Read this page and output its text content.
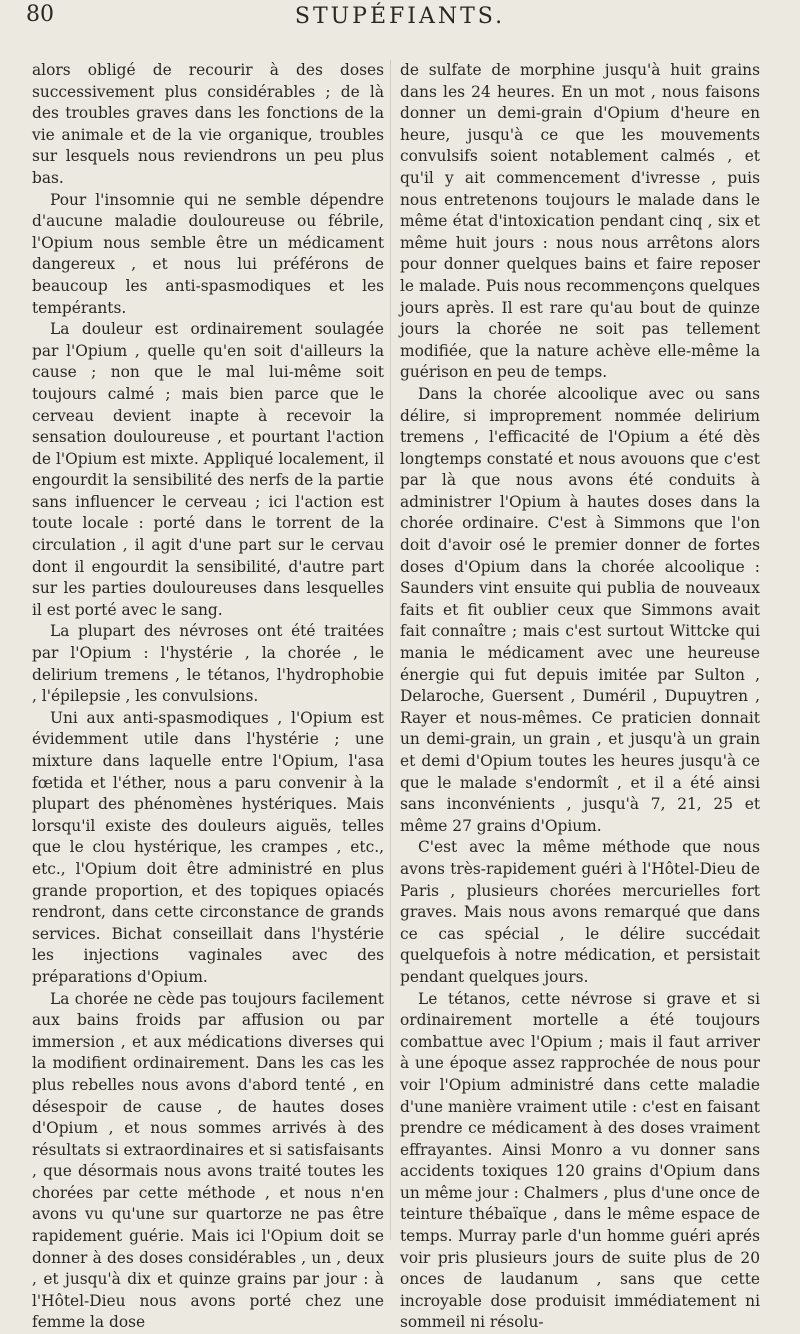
80	STUPÉFIANTS.

alors obligé de recourir à des doses successivement plus considérables ; de là des troubles graves dans les fonctions de la vie animale et de la vie organique, troubles sur lesquels nous reviendrons un peu plus bas.

Pour l'insomnie qui ne semble dépendre d'aucune maladie douloureuse ou fébrile, l'Opium nous semble être un médicament dangereux , et nous lui préférons de beaucoup les anti-spasmodiques et les tempérants.

La douleur est ordinairement soulagée par l'Opium , quelle qu'en soit d'ailleurs la cause ; non que le mal lui-même soit toujours calmé ; mais bien parce que le cerveau devient inapte à recevoir la sensation douloureuse , et pourtant l'action de l'Opium est mixte. Appliqué localement, il engourdit la sensibilité des nerfs de la partie sans influencer le cerveau ; ici l'action est toute locale : porté dans le torrent de la circulation , il agit d'une part sur le cervau dont il engourdit la sensibilité, d'autre part sur les parties douloureuses dans lesquelles il est porté avec le sang.

La plupart des névroses ont été traitées par l'Opium : l'hystérie , la chorée , le delirium tremens , le tétanos, l'hydrophobie , l'épilepsie , les convulsions.

Uni aux anti-spasmodiques , l'Opium est évidemment utile dans l'hystérie ; une mixture dans laquelle entre l'Opium, l'asa fœtida et l'éther, nous a paru convenir à la plupart des phénomènes hystériques. Mais lorsqu'il existe des douleurs aiguës, telles que le clou hystérique, les crampes , etc., etc., l'Opium doit être administré en plus grande proportion, et des topiques opiacés rendront, dans cette circonstance de grands services. Bichat conseillait dans l'hystérie les injections vaginales avec des préparations d'Opium.

La chorée ne cède pas toujours facilement aux bains froids par affusion ou par immersion , et aux médications diverses qui la modifient ordinairement. Dans les cas les plus rebelles nous avons d'abord tenté , en désespoir de cause , de hautes doses d'Opium , et nous sommes arrivés à des résultats si extraordinaires et si satisfaisants , que désormais nous avons traité toutes les chorées par cette méthode , et nous n'en avons vu qu'une sur quartorze ne pas être rapidement guérie. Mais ici l'Opium doit se donner à des doses considérables , un , deux , et jusqu'à dix et quinze grains par jour : à l'Hôtel-Dieu nous avons porté chez une femme la dose

de sulfate de morphine jusqu'à huit grains dans les 24 heures. En un mot , nous faisons donner un demi-grain d'Opium d'heure en heure, jusqu'à ce que les mouvements convulsifs soient notablement calmés , et qu'il y ait commencement d'ivresse , puis nous entretenons toujours le malade dans le même état d'intoxication pendant cinq , six et même huit jours : nous nous arrêtons alors pour donner quelques bains et faire reposer le malade. Puis nous recommençons quelques jours après. Il est rare qu'au bout de quinze jours la chorée ne soit pas tellement modifiée, que la nature achève elle-même la guérison en peu de temps.

Dans la chorée alcoolique avec ou sans délire, si improprement nommée delirium tremens , l'efficacité de l'Opium a été dès longtemps constaté et nous avouons que c'est par là que nous avons été conduits à administrer l'Opium à hautes doses dans la chorée ordinaire. C'est à Simmons que l'on doit d'avoir osé le premier donner de fortes doses d'Opium dans la chorée alcoolique : Saunders vint ensuite qui publia de nouveaux faits et fit oublier ceux que Simmons avait fait connaître ; mais c'est surtout Wittcke qui mania le médicament avec une heureuse énergie qui fut depuis imitée par Sulton , Delaroche, Guersent , Duméril , Dupuytren , Rayer et nous-mêmes. Ce praticien donnait un demi-grain, un grain , et jusqu'à un grain et demi d'Opium toutes les heures jusqu'à ce que le malade s'endormît , et il a été ainsi sans inconvénients , jusqu'à 7, 21, 25 et même 27 grains d'Opium.

C'est avec la même méthode que nous avons très-rapidement guéri à l'Hôtel-Dieu de Paris , plusieurs chorées mercurielles fort graves. Mais nous avons remarqué que dans ce cas spécial , le délire succédait quelquefois à notre médication, et persistait pendant quelques jours.

Le tétanos, cette névrose si grave et si ordinairement mortelle a été toujours combattue avec l'Opium ; mais il faut arriver à une époque assez rapprochée de nous pour voir l'Opium administré dans cette maladie d'une manière vraiment utile : c'est en faisant prendre ce médicament à des doses vraiment effrayantes. Ainsi Monro a vu donner sans accidents toxiques 120 grains d'Opium dans un même jour : Chalmers , plus d'une once de teinture thébaïque , dans le même espace de temps. Murray parle d'un homme guéri aprés voir pris plusieurs jours de suite plus de 20 onces de laudanum , sans que cette incroyable dose produisit immédiatement ni sommeil ni résolu-
